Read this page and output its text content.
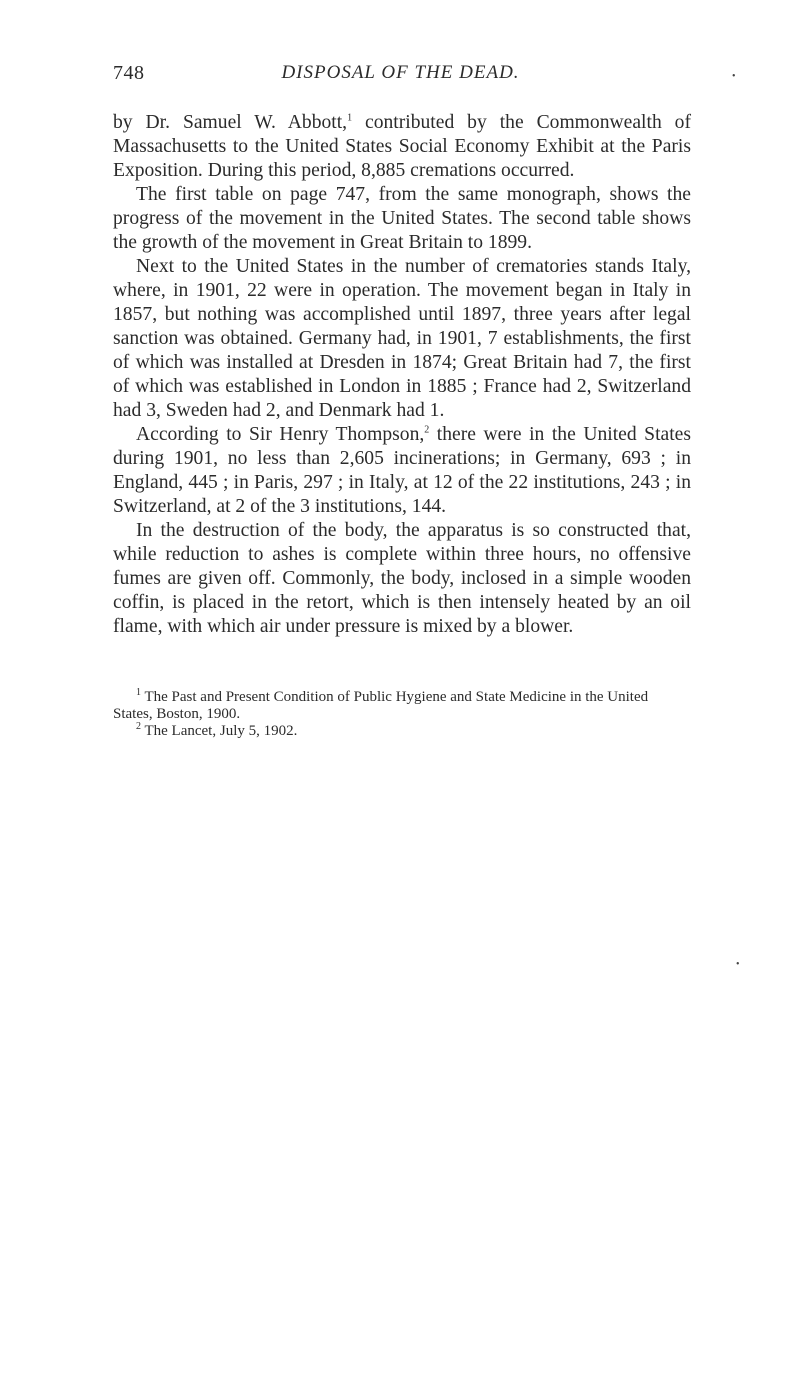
748	DISPOSAL OF THE DEAD.	•

by Dr. Samuel W. Abbott,$^1$ contributed by the Commonwealth of Massachusetts to the United States Social Economy Exhibit at the Paris Exposition. During this period, 8,885 cremations occurred.

The first table on page 747, from the same monograph, shows the progress of the movement in the United States. The second table shows the growth of the movement in Great Britain to 1899.

Next to the United States in the number of crematories stands Italy, where, in 1901, 22 were in operation. The movement began in Italy in 1857, but nothing was accomplished until 1897, three years after legal sanction was obtained. Germany had, in 1901, 7 establishments, the first of which was installed at Dresden in 1874; Great Britain had 7, the first of which was established in London in 1885 ; France had 2, Switzerland had 3, Sweden had 2, and Denmark had 1.

According to Sir Henry Thompson,$^2$ there were in the United States during 1901, no less than 2,605 incinerations; in Germany, 693 ; in England, 445 ; in Paris, 297 ; in Italy, at 12 of the 22 institutions, 243 ; in Switzerland, at 2 of the 3 institutions, 144.

In the destruction of the body, the apparatus is so constructed that, while reduction to ashes is complete within three hours, no offensive fumes are given off. Commonly, the body, inclosed in a simple wooden coffin, is placed in the retort, which is then intensely heated by an oil flame, with which air under pressure is mixed by a blower.

$^1$ The Past and Present Condition of Public Hygiene and State Medicine in the United States, Boston, 1900.

$^2$ The Lancet, July 5, 1902.

•
